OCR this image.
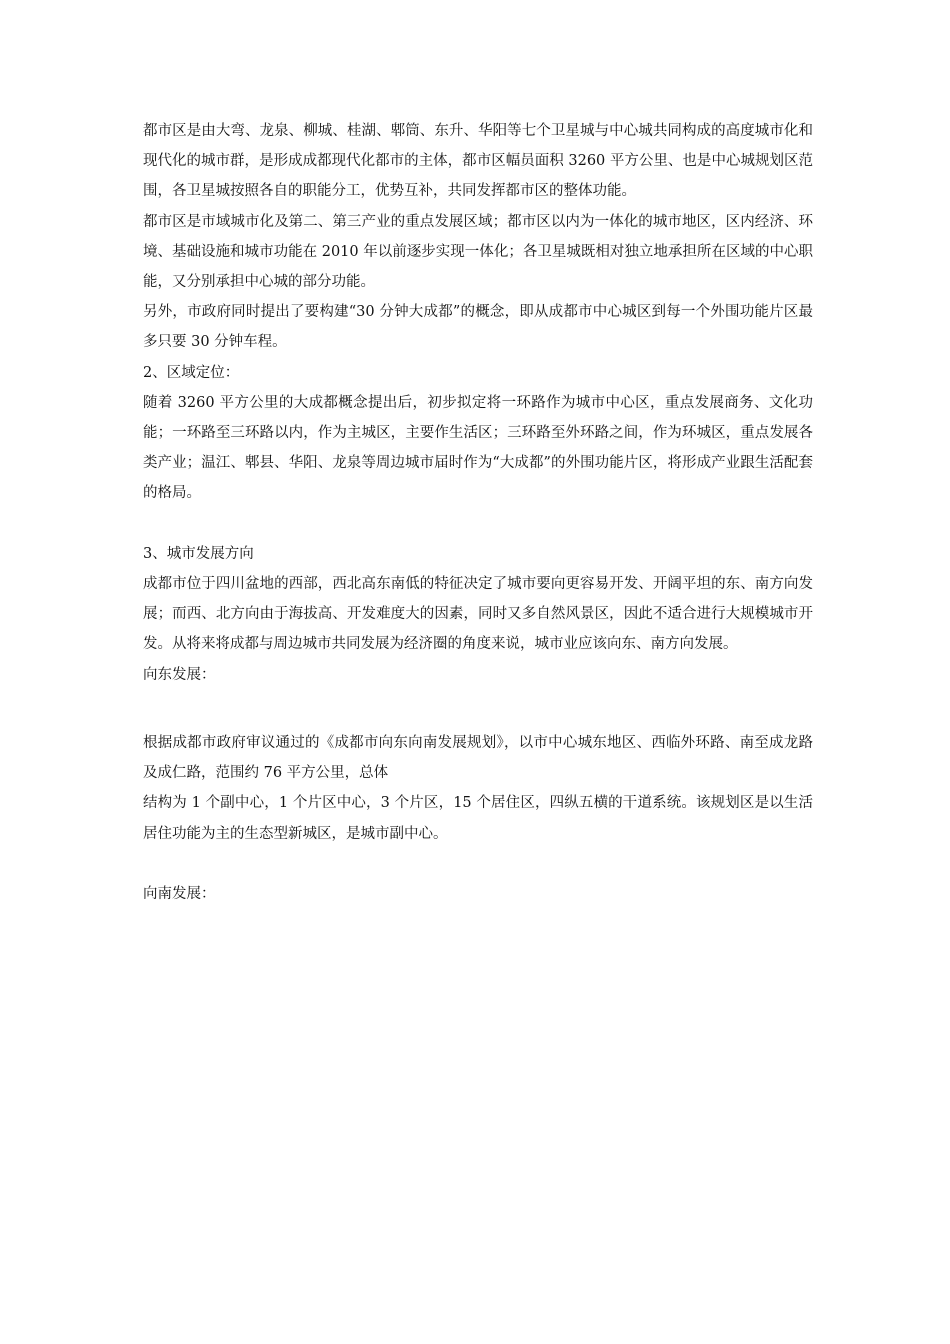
都市区是由大弯、龙泉、柳城、桂湖、郫筒、东升、华阳等七个卫星城与中心城共同构成的高度城市化和现代化的城市群，是形成成都现代化都市的主体，都市区幅员面积 3260 平方公里、也是中心城规划区范围，各卫星城按照各自的职能分工，优势互补，共同发挥都市区的整体功能。

都市区是市域城市化及第二、第三产业的重点发展区域；都市区以内为一体化的城市地区，区内经济、环境、基础设施和城市功能在 2010 年以前逐步实现一体化；各卫星城既相对独立地承担所在区域的中心职能，又分别承担中心城的部分功能。

另外，市政府同时提出了要构建“30 分钟大成都”的概念，即从成都市中心城区到每一个外围功能片区最多只要 30 分钟车程。

2、区域定位：

随着 3260 平方公里的大成都概念提出后，初步拟定将一环路作为城市中心区，重点发展商务、文化功能；一环路至三环路以内，作为主城区，主要作生活区；三环路至外环路之间，作为环城区，重点发展各类产业；温江、郫县、华阳、龙泉等周边城市届时作为“大成都”的外围功能片区，将形成产业跟生活配套的格局。

3、城市发展方向

成都市位于四川盆地的西部，西北高东南低的特征决定了城市要向更容易开发、开阔平坦的东、南方向发展；而西、北方向由于海拔高、开发难度大的因素，同时又多自然风景区，因此不适合进行大规模城市开发。从将来将成都与周边城市共同发展为经济圈的角度来说，城市业应该向东、南方向发展。

向东发展：

根据成都市政府审议通过的《成都市向东向南发展规划》，以市中心城东地区、西临外环路、南至成龙路及成仁路，范围约 76 平方公里，总体

结构为 1 个副中心，1 个片区中心，3 个片区，15 个居住区，四纵五横的干道系统。该规划区是以生活居住功能为主的生态型新城区，是城市副中心。

向南发展：
